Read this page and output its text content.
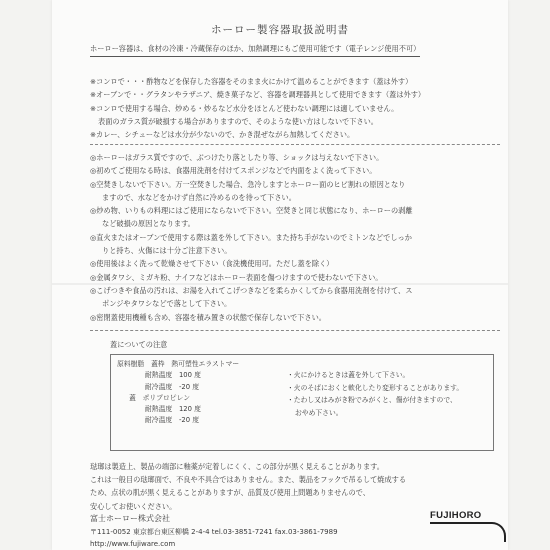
ホーロー製容器取扱説明書
ホーロー容器は、食材の冷凍・冷蔵保存のほか、加熱調理にもご使用可能です（電子レンジ使用不可）
※コンロで・・・酢物などを保存した容器をそのまま火にかけて温めることができます（蓋は外す）
※オーブンで・・グラタンやラザニア、焼き菓子など、容器を調理器具として使用できます（蓋は外す）
※コンロで使用する場合、炒める・炒るなど水分をほとんど使わない調理には適していません。
表面のガラス質が破損する場合がありますので、そのような使い方はしないで下さい。
※カレー、シチューなどは水分が少ないので、かき混ぜながら加熱してください。
◎ホーローはガラス質ですので、ぶつけたり落としたり等、ショックは与えないで下さい。
◎初めてご使用なる時は、食器用洗剤を付けてスポンジなどで内面をよく洗って下さい。
◎空焚きしないで下さい。万一空焚きした場合、急冷しますとホーロー面のヒビ割れの原因となり
ますので、水などをかけず自然に冷めるのを待って下さい。
◎炒め物、いりもの料理にはご使用にならないで下さい。空焚きと同じ状態になり、ホーローの剥離
など破損の原因となります。
◎直火またはオーブンで使用する際は蓋を外して下さい。また持ち手がないのでミトンなどでしっか
りと持ち、火傷には十分ご注意下さい。
◎使用後はよく洗って乾燥させて下さい（食洗機使用可。ただし蓋を除く）
◎金属タワシ、ミガキ粉、ナイフなどはホーロー表面を傷つけますので使わないで下さい。
◎こげつきや食品の汚れは、お湯を入れてこげつきなどを柔らかくしてから食器用洗剤を付けて、ス
ポンジやタワシなどで落として下さい。
◎密閉蓋使用機種も含め、容器を積み置きの状態で保存しないで下さい。
蓋についての注意
原料樹脂　蓋枠　熱可塑性エラストマー
耐熱温度　100 度
耐冷温度　-20 度
蓋　ポリプロピレン
耐熱温度　120 度
耐冷温度　-20 度
・火にかけるときは蓋を外して下さい。
・火のそばにおくと軟化したり変形することがあります。
・たわし又はみがき粉でみがくと、傷が付きますので、
おやめ下さい。
琺瑯は製造上、製品の端部に釉薬が定着しにくく、この部分が黒く見えることがあります。
これは一般目の琺瑯面で、不良や不具合ではありません。また、製品をフックで吊るして焼成する
ため、点状の肌が黒く見えることがありますが、品質及び使用上問題ありませんので、
安心してお使いください。
富士ホーロー株式会社
〒111-0052 東京都台東区柳橋 2-4-4 tel.03-3851-7241 fax.03-3861-7989
http://www.fujiware.com
FUJIHORO
